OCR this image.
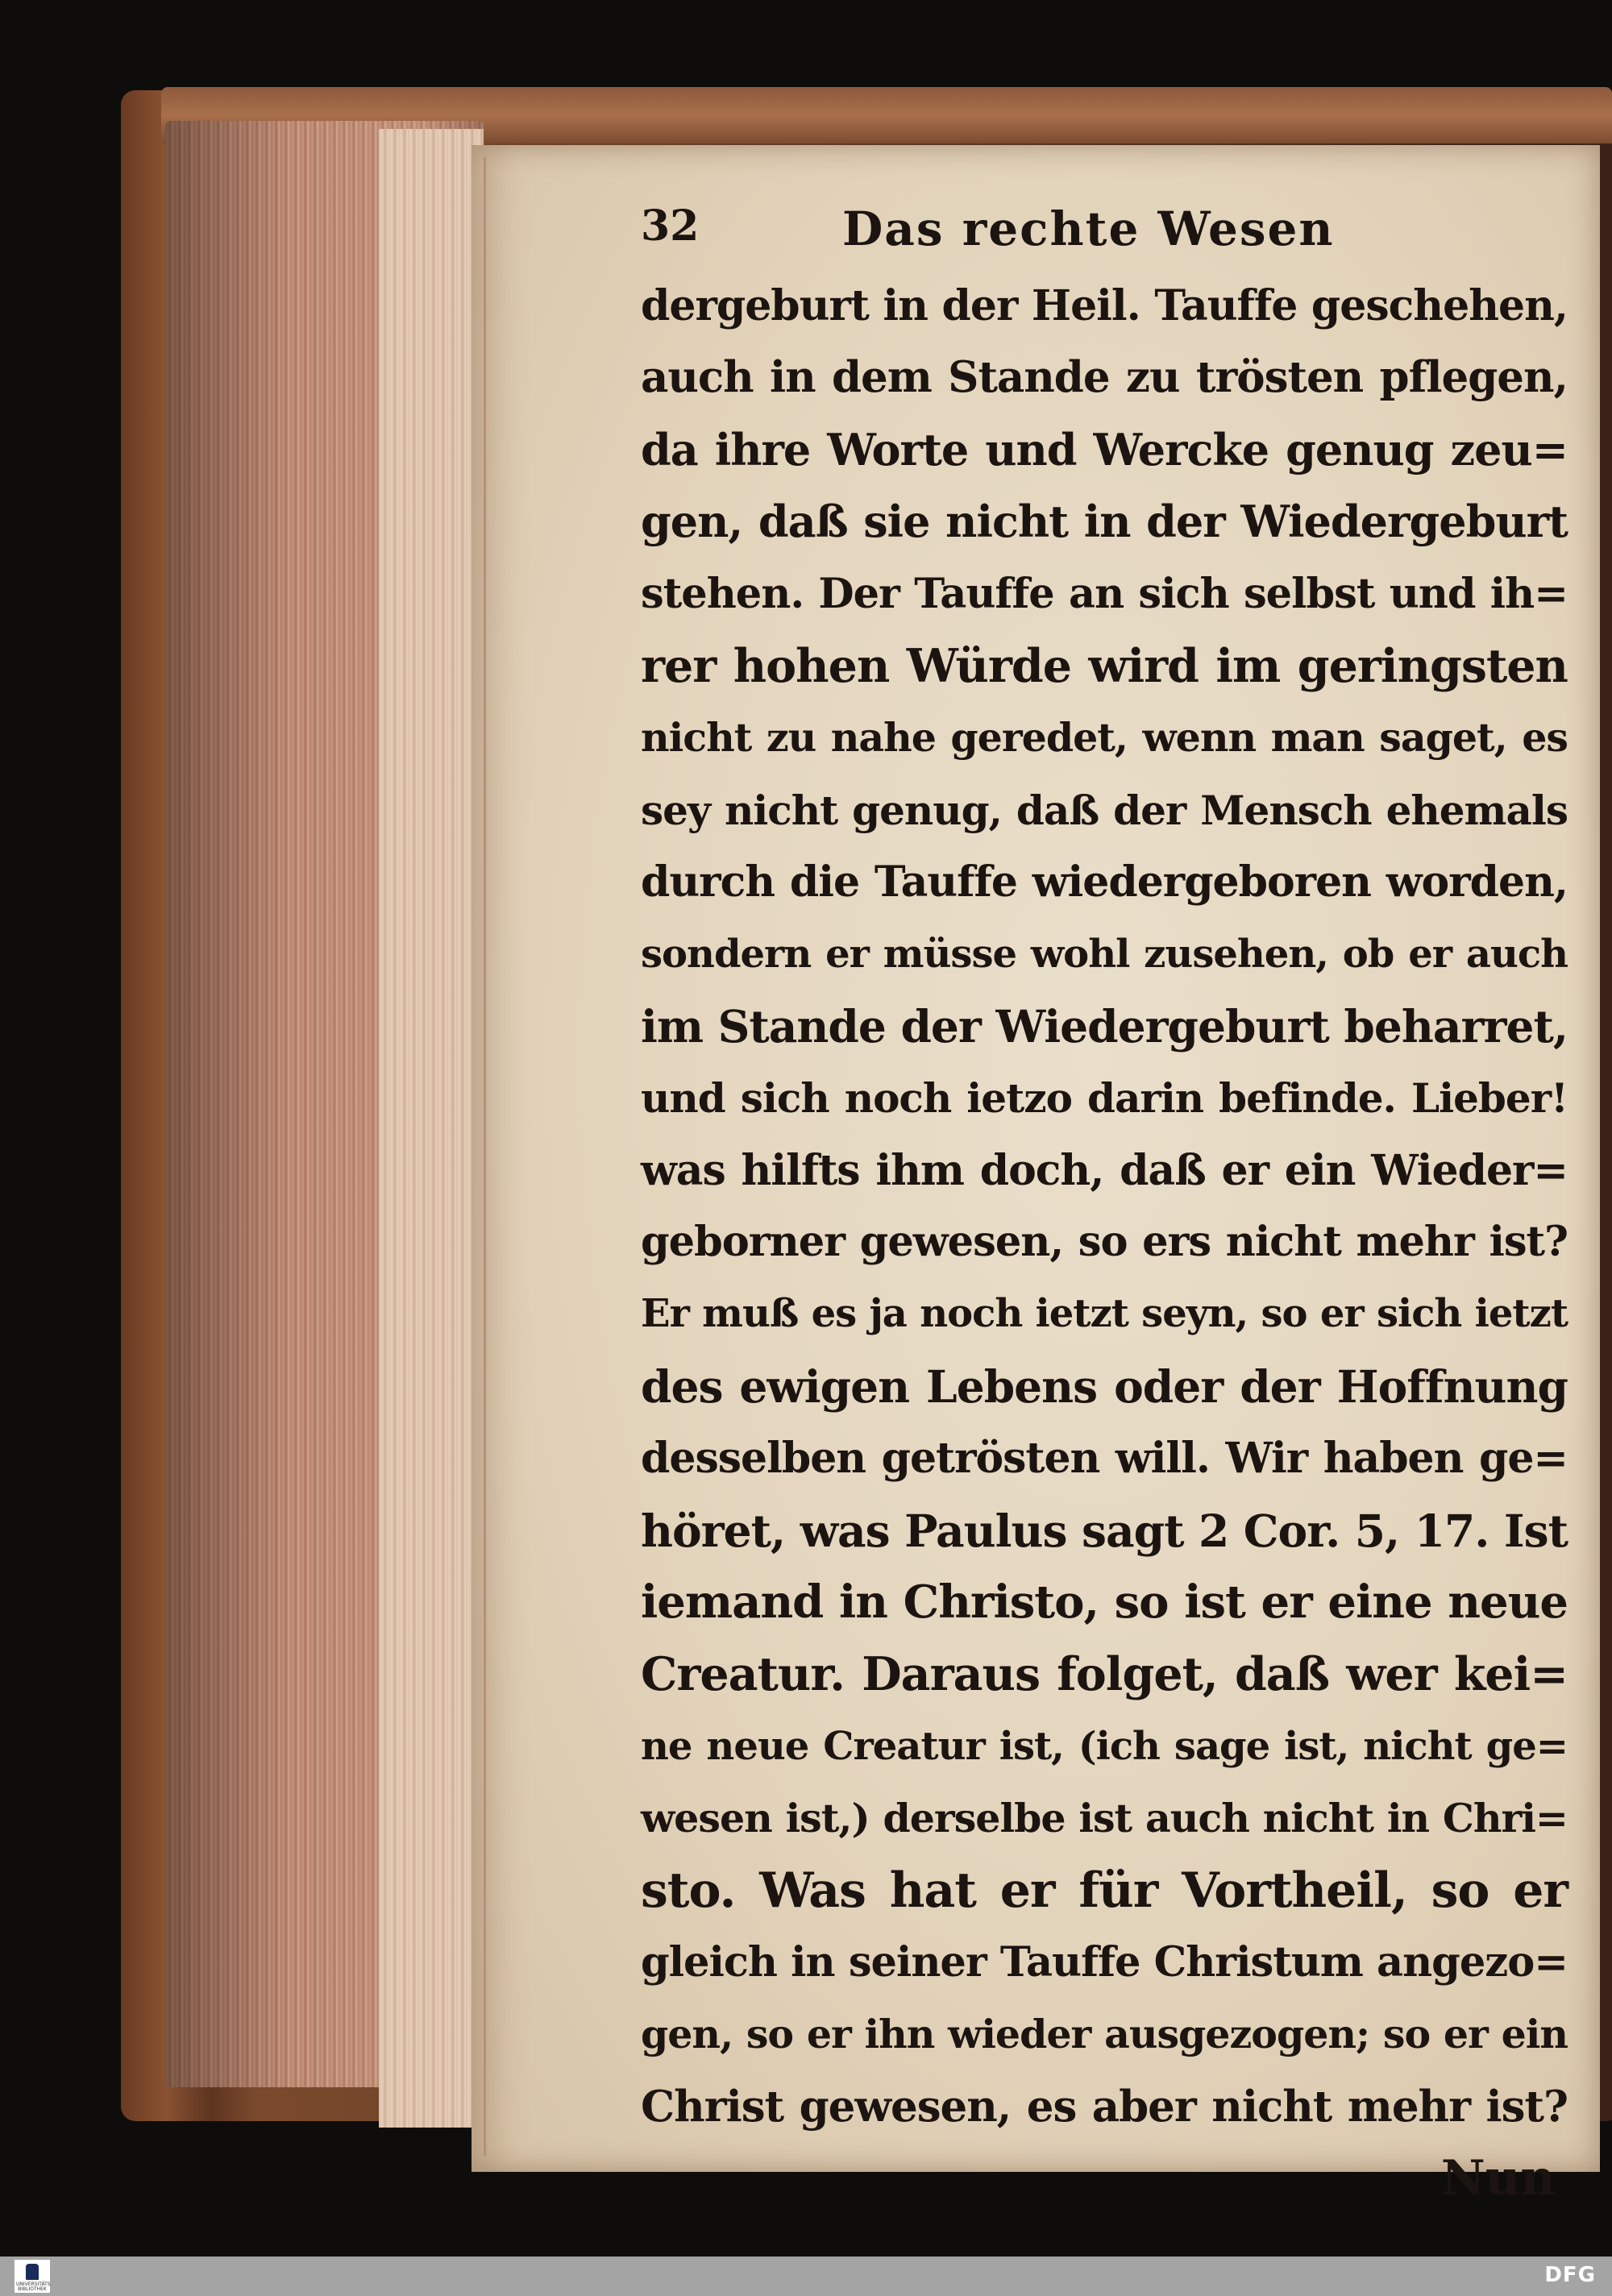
32	Das rechte Wesen
dergeburt in der Heil. Tauffe geschehen,
auch in dem Stande zu trösten pflegen,
da ihre Worte und Wercke genug zeu=
gen, daß sie nicht in der Wiedergeburt
stehen. Der Tauffe an sich selbst und ih=
rer hohen Würde wird im geringsten
nicht zu nahe geredet, wenn man saget, es
sey nicht genug, daß der Mensch ehemals
durch die Tauffe wiedergeboren worden,
sondern er müsse wohl zusehen, ob er auch
im Stande der Wiedergeburt beharret,
und sich noch ietzo darin befinde. Lieber!
was hilfts ihm doch, daß er ein Wieder=
geborner gewesen, so ers nicht mehr ist?
Er muß es ja noch ietzt seyn, so er sich ietzt
des ewigen Lebens oder der Hoffnung
desselben getrösten will. Wir haben ge=
höret, was Paulus sagt 2 Cor. 5, 17. Ist
iemand in Christo, so ist er eine neue
Creatur. Daraus folget, daß wer kei=
ne neue Creatur ist, (ich sage ist, nicht ge=
wesen ist,) derselbe ist auch nicht in Chri=
sto. Was hat er für Vortheil, so er
gleich in seiner Tauffe Christum angezo=
gen, so er ihn wieder ausgezogen; so er ein
Christ gewesen, es aber nicht mehr ist?
Nun
UNIVERSITÄTS BIBLIOTHEK
DFG
